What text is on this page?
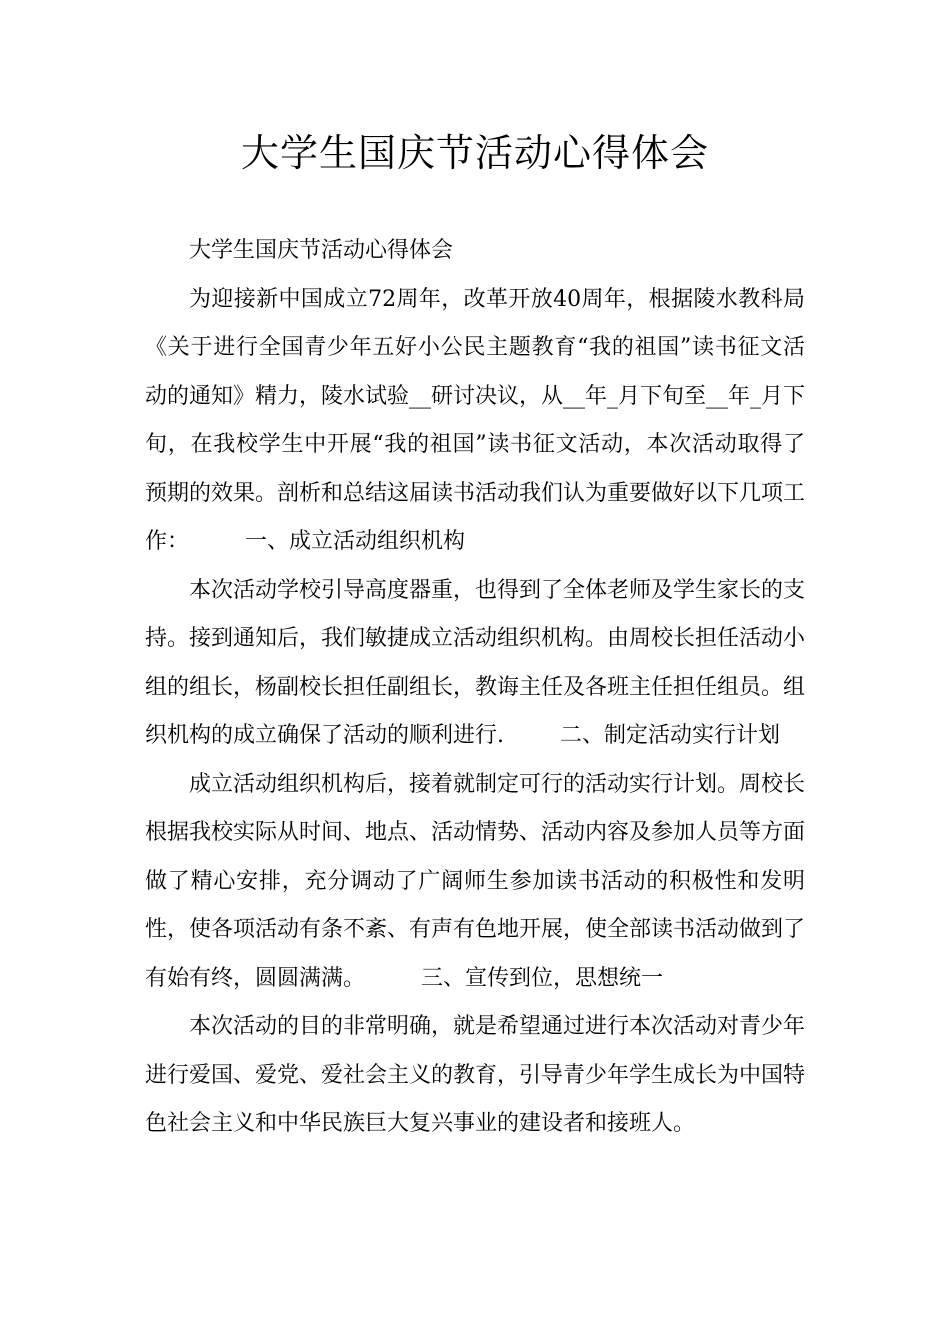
大学生国庆节活动心得体会

大学生国庆节活动心得体会

为迎接新中国成立72周年，改革开放40周年，根据陵水教科局《关于进行全国青少年五好小公民主题教育“我的祖国”读书征文活动的通知》精力，陵水试验__研讨决议，从__年_月下旬至__年_月下旬，在我校学生中开展“我的祖国”读书征文活动，本次活动取得了预期的效果。剖析和总结这届读书活动我们认为重要做好以下几项工作：	一、成立活动组织机构

本次活动学校引导高度器重，也得到了全体老师及学生家长的支持。接到通知后，我们敏捷成立活动组织机构。由周校长担任活动小组的组长，杨副校长担任副组长，教诲主任及各班主任担任组员。组织机构的成立确保了活动的顺利进行.	二、制定活动实行计划

成立活动组织机构后，接着就制定可行的活动实行计划。周校长根据我校实际从时间、地点、活动情势、活动内容及参加人员等方面做了精心安排，充分调动了广阔师生参加读书活动的积极性和发明性，使各项活动有条不紊、有声有色地开展，使全部读书活动做到了有始有终，圆圆满满。	三、宣传到位，思想统一

本次活动的目的非常明确，就是希望通过进行本次活动对青少年进行爱国、爱党、爱社会主义的教育，引导青少年学生成长为中国特色社会主义和中华民族巨大复兴事业的建设者和接班人。
